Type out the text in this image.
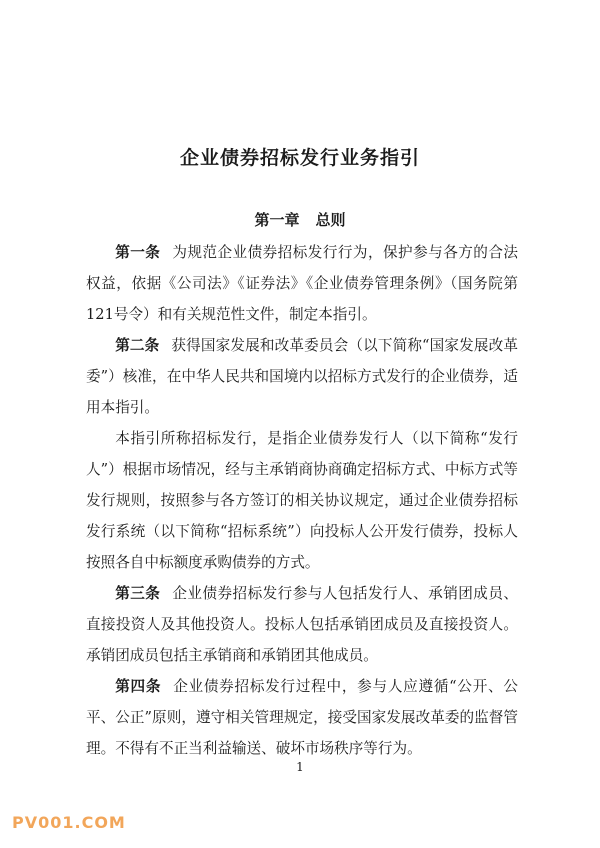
企业债券招标发行业务指引
第一章 总则

第一条 为规范企业债券招标发行行为，保护参与各方的合法权益，依据《公司法》《证券法》《企业债券管理条例》（国务院第121号令）和有关规范性文件，制定本指引。

第二条 获得国家发展和改革委员会（以下简称“国家发展改革委”）核准，在中华人民共和国境内以招标方式发行的企业债券，适用本指引。

本指引所称招标发行，是指企业债券发行人（以下简称“发行人”）根据市场情况，经与主承销商协商确定招标方式、中标方式等发行规则，按照参与各方签订的相关协议规定，通过企业债券招标发行系统（以下简称“招标系统”）向投标人公开发行债券，投标人按照各自中标额度承购债券的方式。

第三条 企业债券招标发行参与人包括发行人、承销团成员、直接投资人及其他投资人。投标人包括承销团成员及直接投资人。承销团成员包括主承销商和承销团其他成员。

第四条 企业债券招标发行过程中，参与人应遵循“公开、公平、公正”原则，遵守相关管理规定，接受国家发展改革委的监督管理。不得有不正当利益输送、破坏市场秩序等行为。

1
PV001.COM
